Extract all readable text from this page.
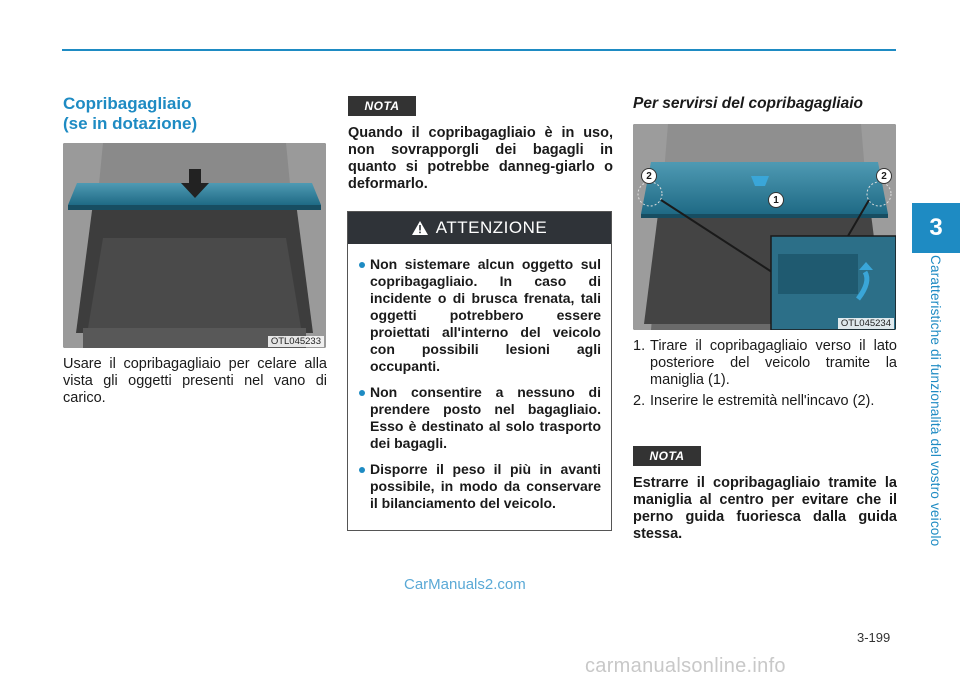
3
Caratteristiche di funzionalità del vostro veicolo
Copribagagliaio
(se in dotazione)
OTL045233
Usare il copribagagliaio per celare alla vista gli oggetti presenti nel vano di carico.
NOTA
Quando il copribagagliaio è in uso, non sovrapporgli dei bagagli in quanto si potrebbe danneg-giarlo o deformarlo.
ATTENZIONE
Non sistemare alcun oggetto sul copribagagliaio. In caso di incidente o di brusca frenata, tali oggetti potrebbero essere proiettati all'interno del veicolo con possibili lesioni agli occupanti.
Non consentire a nessuno di prendere posto nel bagagliaio. Esso è destinato al solo trasporto dei bagagli.
Disporre il peso il più in avanti possibile, in modo da conservare il bilanciamento del veicolo.
Per servirsi del copribagagliaio
1
2	2
OTL045234
1. Tirare il copribagagliaio verso il lato posteriore del veicolo tramite la maniglia (1).
2. Inserire le estremità nell'incavo (2).
NOTA
Estrarre il copribagagliaio tramite la maniglia al centro per evitare che il perno guida fuoriesca dalla guida stessa.
CarManuals2.com
3-199
carmanualsonline.info
